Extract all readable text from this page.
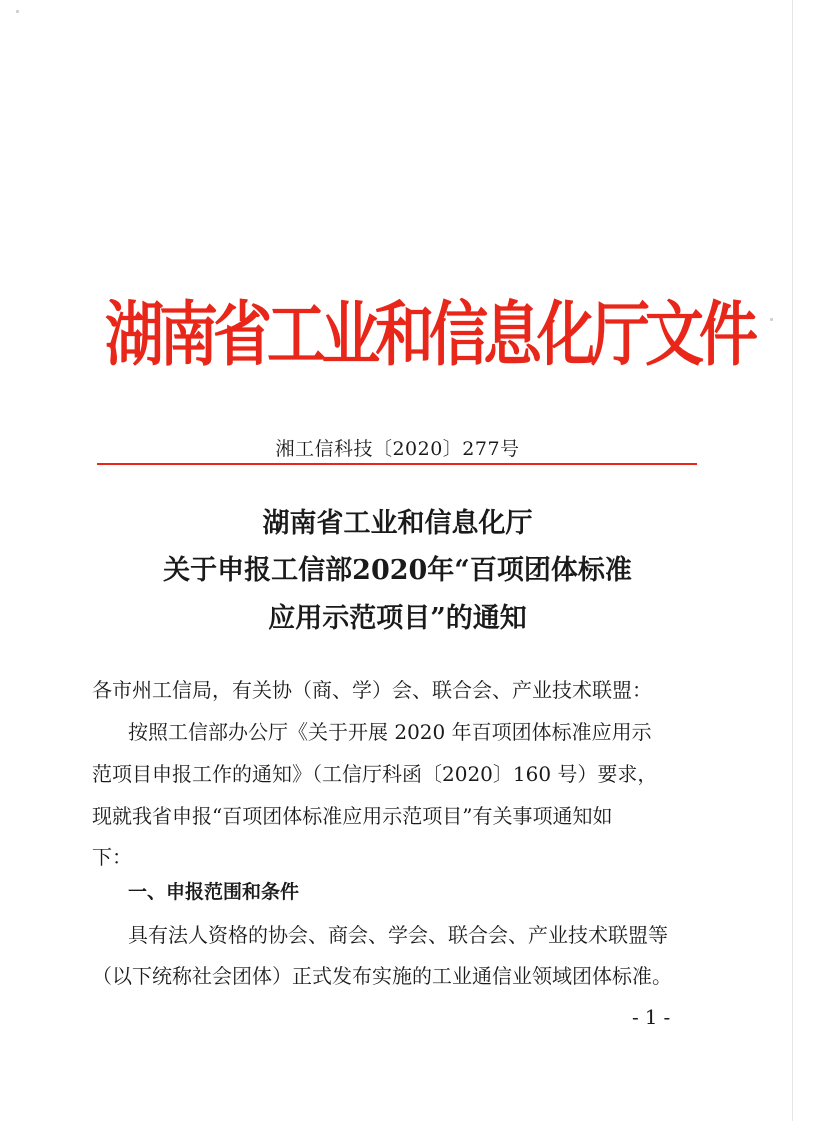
湖南省工业和信息化厅文件
湘工信科技〔2020〕277号
湖南省工业和信息化厅
关于申报工信部2020年“百项团体标准
应用示范项目”的通知
各市州工信局，有关协（商、学）会、联合会、产业技术联盟：
按照工信部办公厅《关于开展 2020 年百项团体标准应用示
范项目申报工作的通知》（工信厅科函〔2020〕160 号）要求，
现就我省申报“百项团体标准应用示范项目”有关事项通知如
下：
一、申报范围和条件
具有法人资格的协会、商会、学会、联合会、产业技术联盟等
（以下统称社会团体）正式发布实施的工业通信业领域团体标准。
-1-
